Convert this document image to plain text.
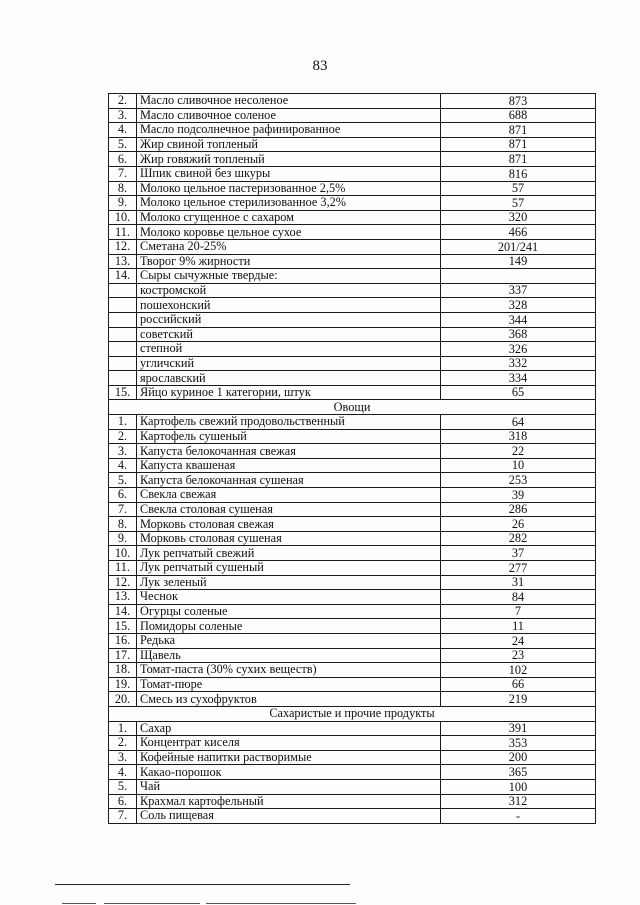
83
2.	Масло сливочное несоленое	873
3.	Масло сливочное соленое	688
4.	Масло подсолнечное рафинированное	871
5.	Жир свиной топленый	871
6.	Жир говяжий топленый	871
7.	Шпик свиной без шкуры	816
8.	Молоко цельное пастеризованное 2,5%	57
9.	Молоко цельное стерилизованное 3,2%	57
10.	Молоко сгущенное с сахаром	320
11.	Молоко коровье цельное сухое	466
12.	Сметана 20-25%	201/241
13.	Творог 9% жирности	149
14.	Сыры сычужные твердые:	
	костромской	337
	пошехонский	328
	российский	344
	советский	368
	степной	326
	угличский	332
	ярославский	334
15.	Яйцо куриное 1 категории, штук	65
Овощи		
1.	Картофель свежий продовольственный	64
2.	Картофель сушеный	318
3.	Капуста белокочанная свежая	22
4.	Капуста квашеная	10
5.	Капуста белокочанная сушеная	253
6.	Свекла свежая	39
7.	Свекла столовая сушеная	286
8.	Морковь столовая свежая	26
9.	Морковь столовая сушеная	282
10.	Лук репчатый свежий	37
11.	Лук репчатый сушеный	277
12.	Лук зеленый	31
13.	Чеснок	84
14.	Огурцы соленые	7
15.	Помидоры соленые	11
16.	Редька	24
17.	Щавель	23
18.	Томат-паста (30% сухих веществ)	102
19.	Томат-пюре	66
20.	Смесь из сухофруктов	219
Сахаристые и прочие продукты		
1.	Сахар	391
2.	Концентрат киселя	353
3.	Кофейные напитки растворимые	200
4.	Какао-порошок	365
5.	Чай	100
6.	Крахмал картофельный	312
7.	Соль пищевая	-
